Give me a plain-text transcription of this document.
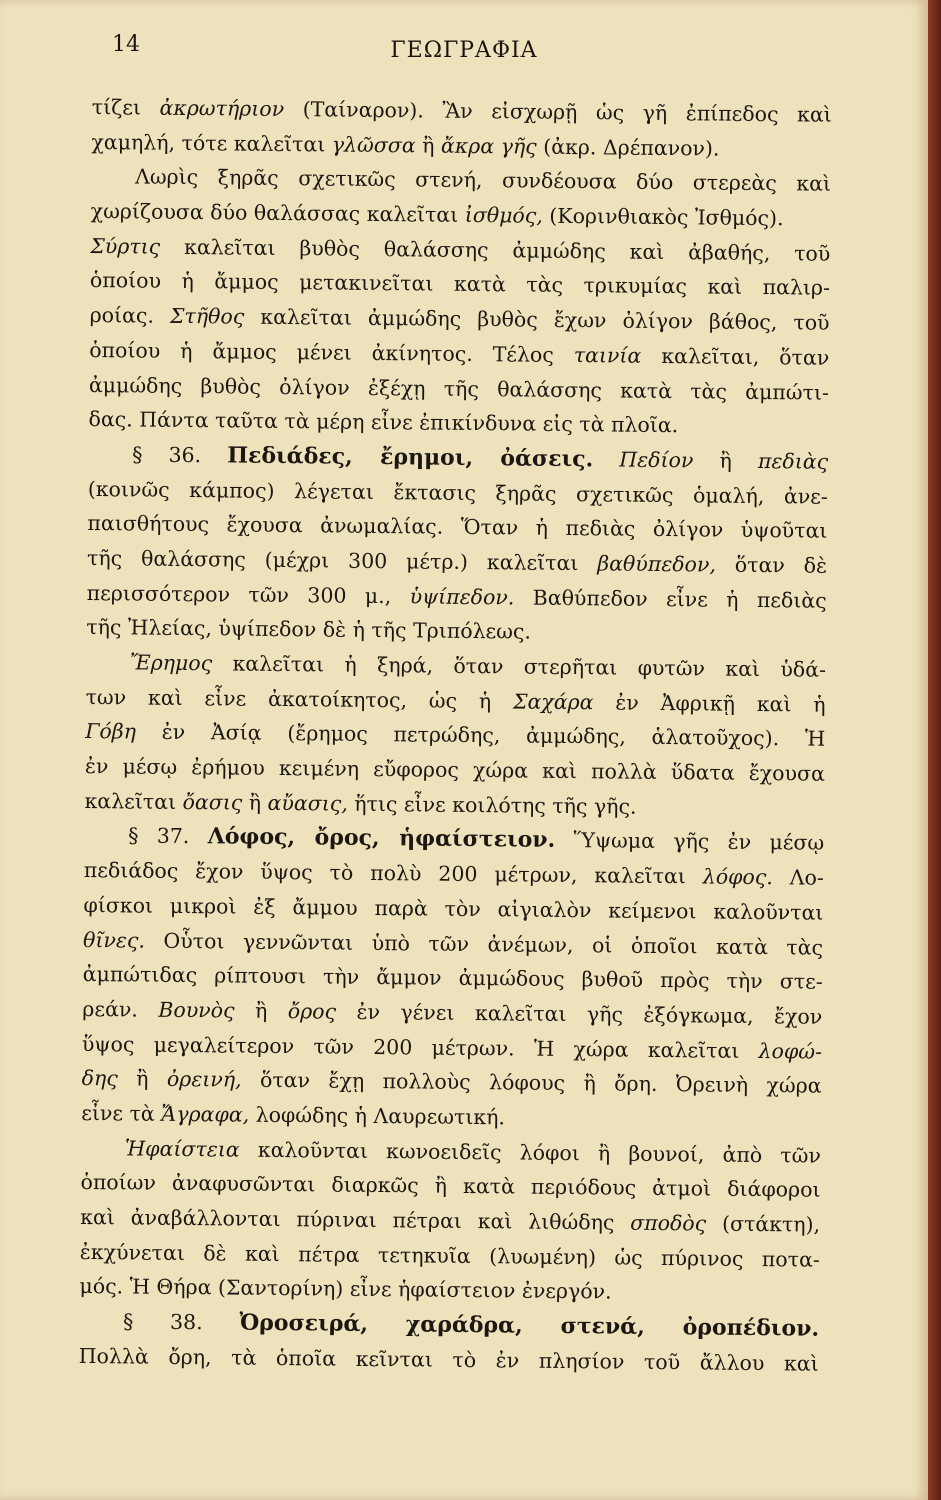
14	ΓΕΩΓΡΑΦΙΑ
τίζει ἀκρωτήριον (Ταίναρον). Ἂν εἰσχωρῇ ὡς γῆ ἐπίπεδος καὶ
χαμηλή, τότε καλεῖται γλῶσσα ἢ ἄκρα γῆς (ἀκρ. Δρέπανον).
Λωρὶς ξηρᾶς σχετικῶς στενή, συνδέουσα δύο στερεὰς καὶ
χωρίζουσα δύο θαλάσσας καλεῖται ἰσθμός, (Κορινθιακὸς Ἰσθμός).
Σύρτις καλεῖται βυθὸς θαλάσσης ἀμμώδης καὶ ἀβαθής, τοῦ
ὁποίου ἡ ἄμμος μετακινεῖται κατὰ τὰς τρικυμίας καὶ παλιρ-
ροίας. Στῆθος καλεῖται ἀμμώδης βυθὸς ἔχων ὀλίγον βάθος, τοῦ
ὁποίου ἡ ἄμμος μένει ἀκίνητος. Τέλος ταινία καλεῖται, ὅταν
ἀμμώδης βυθὸς ὀλίγον ἐξέχῃ τῆς θαλάσσης κατὰ τὰς ἀμπώτι-
δας. Πάντα ταῦτα τὰ μέρη εἶνε ἐπικίνδυνα εἰς τὰ πλοῖα.
§ 36. Πεδιάδες, ἔρημοι, ὀάσεις. Πεδίον ἢ πεδιὰς
(κοινῶς κάμπος) λέγεται ἔκτασις ξηρᾶς σχετικῶς ὁμαλή, ἀνε-
παισθήτους ἔχουσα ἀνωμαλίας. Ὅταν ἡ πεδιὰς ὀλίγον ὑψοῦται
τῆς θαλάσσης (μέχρι 300 μέτρ.) καλεῖται βαθύπεδον, ὅταν δὲ
περισσότερον τῶν 300 μ., ὑψίπεδον. Βαθύπεδον εἶνε ἡ πεδιὰς
τῆς Ἠλείας, ὑψίπεδον δὲ ἡ τῆς Τριπόλεως.
Ἔρημος καλεῖται ἡ ξηρά, ὅταν στερῆται φυτῶν καὶ ὑδά-
των καὶ εἶνε ἀκατοίκητος, ὡς ἡ Σαχάρα ἐν Ἀφρικῇ καὶ ἡ
Γόβη ἐν Ἀσίᾳ (ἔρημος πετρώδης, ἀμμώδης, ἁλατοῦχος). Ἡ
ἐν μέσῳ ἐρήμου κειμένη εὔφορος χώρα καὶ πολλὰ ὕδατα ἔχουσα
καλεῖται ὄασις ἢ αὔασις, ἥτις εἶνε κοιλότης τῆς γῆς.
§ 37. Λόφος, ὄρος, ἡφαίστειον. Ὕψωμα γῆς ἐν μέσῳ
πεδιάδος ἔχον ὕψος τὸ πολὺ 200 μέτρων, καλεῖται λόφος. Λο-
φίσκοι μικροὶ ἐξ ἄμμου παρὰ τὸν αἰγιαλὸν κείμενοι καλοῦνται
θῖνες. Οὗτοι γεννῶνται ὑπὸ τῶν ἀνέμων, οἱ ὁποῖοι κατὰ τὰς
ἀμπώτιδας ρίπτουσι τὴν ἄμμον ἀμμώδους βυθοῦ πρὸς τὴν στε-
ρεάν. Βουνὸς ἢ ὄρος ἐν γένει καλεῖται γῆς ἐξόγκωμα, ἔχον
ὕψος μεγαλείτερον τῶν 200 μέτρων. Ἡ χώρα καλεῖται λοφώ-
δης ἢ ὀρεινή, ὅταν ἔχῃ πολλοὺς λόφους ἢ ὄρη. Ὀρεινὴ χώρα
εἶνε τὰ Ἄγραφα, λοφώδης ἡ Λαυρεωτική.
Ἡφαίστεια καλοῦνται κωνοειδεῖς λόφοι ἢ βουνοί, ἀπὸ τῶν
ὁποίων ἀναφυσῶνται διαρκῶς ἢ κατὰ περιόδους ἀτμοὶ διάφοροι
καὶ ἀναβάλλονται πύριναι πέτραι καὶ λιθώδης σποδὸς (στάκτη),
ἐκχύνεται δὲ καὶ πέτρα τετηκυῖα (λυωμένη) ὡς πύρινος ποτα-
μός. Ἡ Θήρα (Σαντορίνη) εἶνε ἡφαίστειον ἐνεργόν.
§ 38. Ὀροσειρά, χαράδρα, στενά, ὀροπέδιον.
Πολλὰ ὄρη, τὰ ὁποῖα κεῖνται τὸ ἐν πλησίον τοῦ ἄλλου καὶ
